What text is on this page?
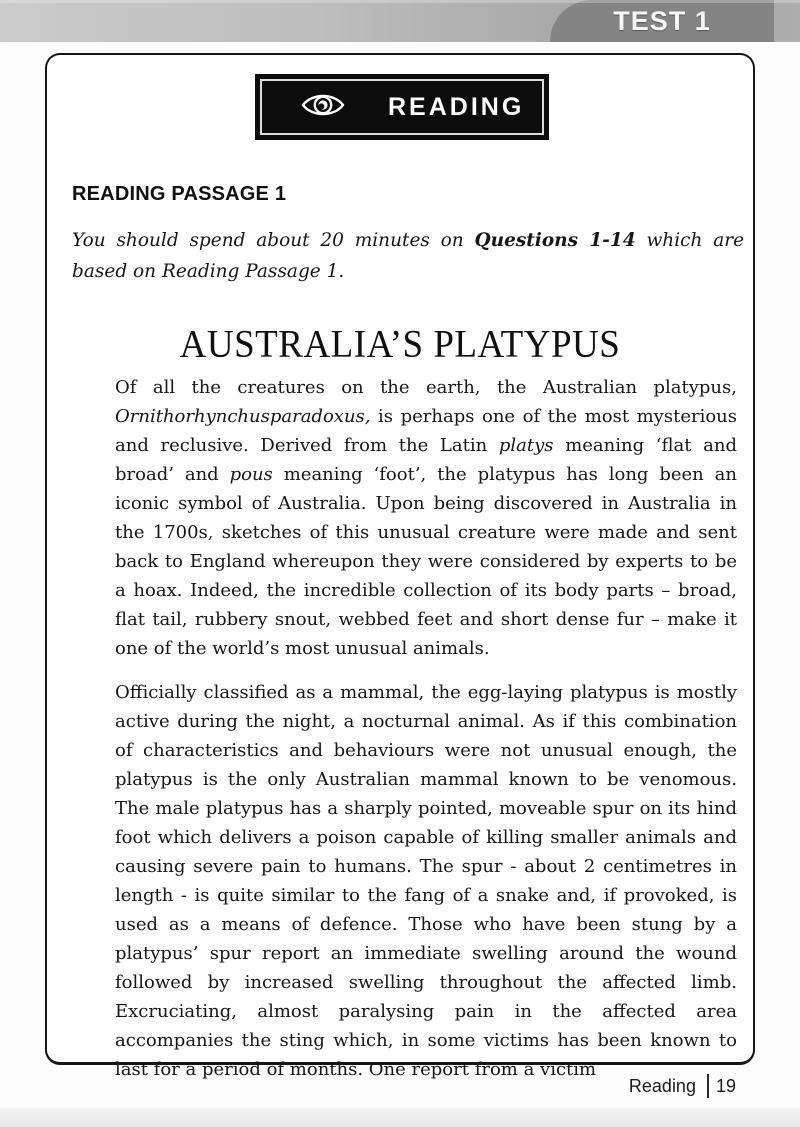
TEST 1
READING
READING PASSAGE 1
You should spend about 20 minutes on Questions 1-14 which are based on Reading Passage 1.
AUSTRALIA’S PLATYPUS

Of all the creatures on the earth, the Australian platypus, Ornithorhynchusparadoxus, is perhaps one of the most mysterious and reclusive. Derived from the Latin platys meaning ‘flat and broad’ and pous meaning ‘foot’, the platypus has long been an iconic symbol of Australia. Upon being discovered in Australia in the 1700s, sketches of this unusual creature were made and sent back to England whereupon they were considered by experts to be a hoax. Indeed, the incredible collection of its body parts – broad, flat tail, rubbery snout, webbed feet and short dense fur – make it one of the world’s most unusual animals.

Officially classified as a mammal, the egg-laying platypus is mostly active during the night, a nocturnal animal. As if this combination of characteristics and behaviours were not unusual enough, the platypus is the only Australian mammal known to be venomous. The male platypus has a sharply pointed, moveable spur on its hind foot which delivers a poison capable of killing smaller animals and causing severe pain to humans. The spur - about 2 centimetres in length - is quite similar to the fang of a snake and, if provoked, is used as a means of defence. Those who have been stung by a platypus’ spur report an immediate swelling around the wound followed by increased swelling throughout the affected limb. Excruciating, almost paralysing pain in the affected area accompanies the sting which, in some victims has been known to last for a period of months. One report from a victim

Reading 19
